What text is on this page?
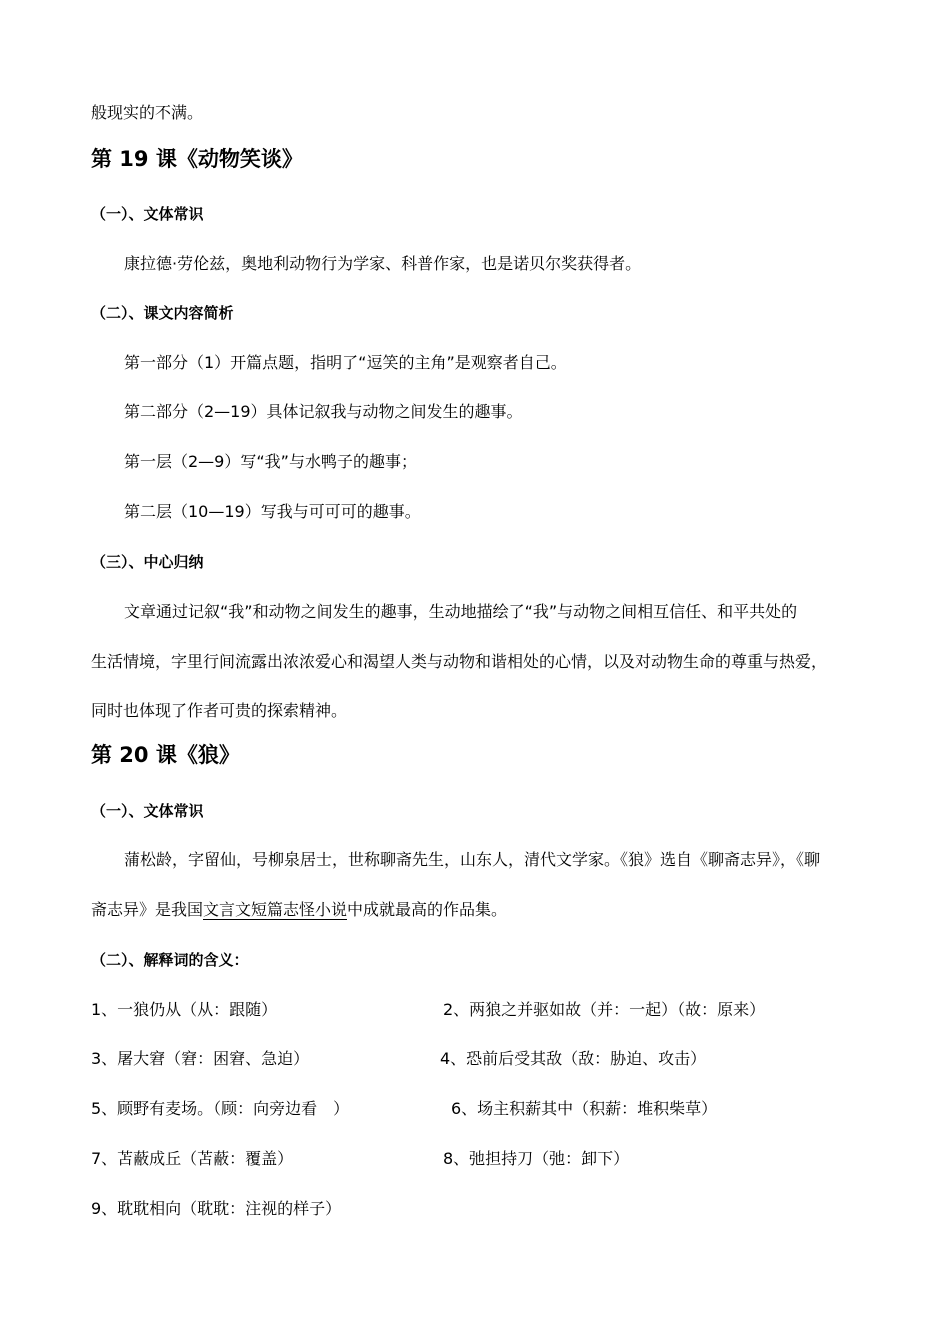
般现实的不满。
第 19 课《动物笑谈》
（一）、文体常识
康拉德·劳伦兹，奥地利动物行为学家、科普作家，也是诺贝尔奖获得者。
（二）、课文内容简析
第一部分（1）开篇点题，指明了“逗笑的主角”是观察者自己。
第二部分（2—19）具体记叙我与动物之间发生的趣事。
第一层（2—9）写“我”与水鸭子的趣事；
第二层（10—19）写我与可可可的趣事。
（三）、中心归纳
文章通过记叙“我”和动物之间发生的趣事，生动地描绘了“我”与动物之间相互信任、和平共处的
生活情境，字里行间流露出浓浓爱心和渴望人类与动物和谐相处的心情，以及对动物生命的尊重与热爱，
同时也体现了作者可贵的探索精神。
第 20 课《狼》
（一）、文体常识
蒲松龄，字留仙，号柳泉居士，世称聊斋先生，山东人，清代文学家。《狼》选自《聊斋志异》，《聊
斋志异》是我国文言文短篇志怪小说中成就最高的作品集。
（二）、解释词的含义：
1、一狼仍从（从：跟随）	2、两狼之并驱如故（并：一起）（故：原来）
3、屠大窘（窘：困窘、急迫）	4、恐前后受其敌（敌：胁迫、攻击）
5、顾野有麦场。（顾：向旁边看　）	6、场主积薪其中（积薪：堆积柴草）
7、苫蔽成丘（苫蔽：覆盖）	8、弛担持刀（弛：卸下）
9、耽耽相向（耽耽：注视的样子）
